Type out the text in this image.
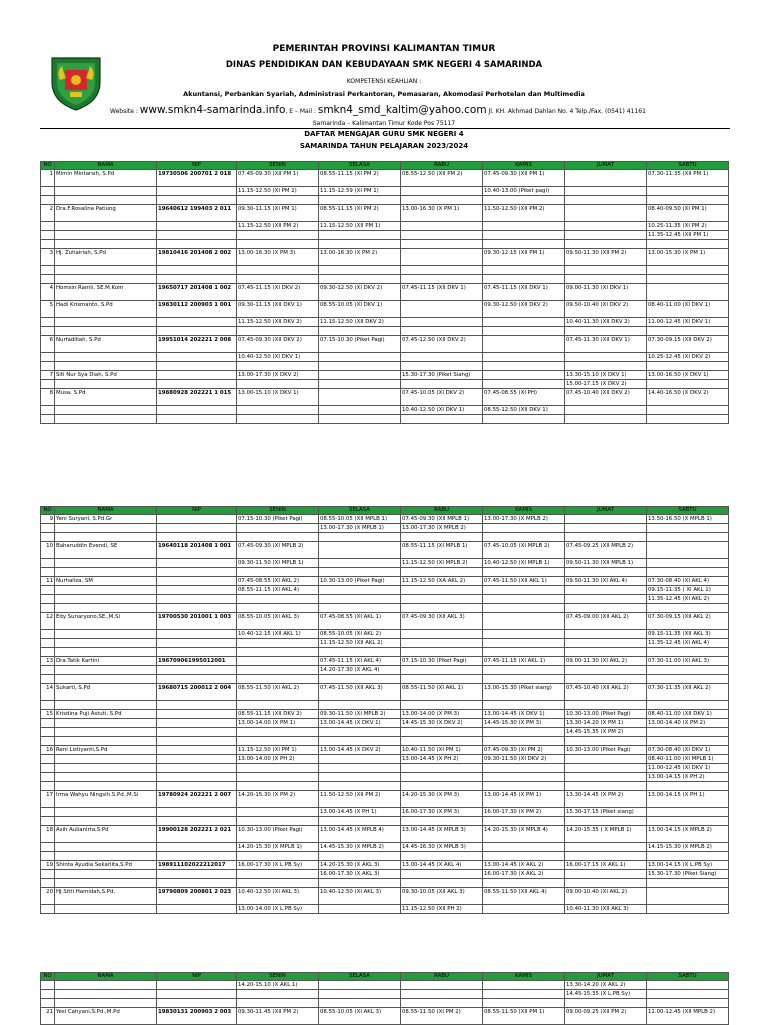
PEMERINTAH PROVINSI KALIMANTAN TIMUR
DINAS PENDIDIKAN DAN KEBUDAYAAN SMK NEGERI 4 SAMARINDA
KOMPETENSI KEAHLIAN :
Akuntansi, Perbankan Syariah, Administrasi Perkantoran, Pemasaran, Akomodasi Perhotelan dan Multimedia
Website : www.smkn4-samarinda.info, E – Mail : smkn4_smd_kaltim@yahoo.com Jl. KH. Akhmad Dahlan No. 4 Telp./Fax. (0541) 41161
Samarinda – Kalimantan Timur Kode Pos 75117
DAFTAR MENGAJAR GURU SMK NEGERI 4
SAMARINDA TAHUN PELAJARAN 2023/2024
NO	NAMA	NIP	SENIN	SELASA	RABU	KAMIS	JUMAT	SABTU
1	Mimin Mintarsih, S.Pd	19730506 200701 2 018	07.45-09.30 (XII PM 1)	08.55-11.15 (XI PM 2)	08.55-12.50 (XII PM 2)	07.45-09.30 (XII PM 1)		07.30-11.35 (XII PM 1)
			11.15-12.50 (XI PM 2)	11.15-12.59 (XI PM 1)		10.40-13.00 (Piket pagi)		

2	Dra.F.Rosalina Patiung	19640612 199403 2 011	09.30-11.15 (XI PM 1)	08.55-11.15 (XI PM 2)	13.00-16.30 (X PM 1)	11.50-12.50 (XII PM 2)		08.40-09.50 (XI PM 1)
			11.15-12.50 (XII PM 2)	11.15-12.50 (XII PM 1)				10.25-11.35 (XI PM 2)
								11.35-12.45 (XII PM 1)

3	Hj. Zuhairiah, S.Pd	19810416 201408 2 002	13.00-16.30 (X PM 3)	13.00-16.30 (X PM 2)		09.30-12.15 (XII PM 1)	09.50-11.30 (XII PM 2)	13.00-15.30 (X PM 1)

4	Homsin Ramli, SE.M.Kom	19650717 201408 1 002	07.45-11.15 (XI DKV 2)	09.30-12.50 (XI DKV 2)	07.45-11.15 (XII DKV 1)	07.45-11.15 (XII DKV 1)	09.00-11.30 (XI DKV 1)	
5	Hadi Krismanto, S.Pd	19830112 200903 1 001	09.30-11.15 (XII DKV 1)	08.55-10.05 (XI DKV 1)		09.30-12.50 (XII DKV 2)	09.50-10.40 (XI DKV 2)	08.40-11.00 (XI DKV 1)
			11.15-12.50 (XII DKV 2)	11.15-12.50 (XII DKV 2)			10.40-11.30 (XII DKV 2)	11.00-12.45 (XI DKV 1)

6	Nurfadillah, S.Pd	19951014 202221 2 008	07.45-09.30 (XII DKV 2)	07.15-10.30 (Piket Pagi)	07.45-12.50 (XII DKV 2)		07.45-11.30 (XII DKV 1)	07.30-09.15 (XII DKV 2)
			10.40-12.50 (XI DKV 1)					10.25-12.45 (XI DKV 2)

7	Siti Nur Sya Diah, S.Pd		13.00-17.30 (X DKV 2)		15.30-17.30 (Piket Siang)		13.30-15.10 (X DKV 1)	13.00-16.50 (X DKV 1)
							15.00-17.15 (X DKV 2)	
8	Musa, S.Pd	19880928 202221 1 015	13.00-15.10 (X DKV 1)		07.45-10.05 (XI DKV 2)	07.45-08.55 (XI PH)	07.45-10.40 (XII DKV 2)	14.40-16.50 (X DKV 2)
					10.40-12.50 (XI DKV 1)	08.55-12.50 (XII DKV 1)		

NO	NAMA	NIP	SENIN	SELASA	RABU	KAMIS	JUMAT	SABTU
9	Yeni Suryani, S.Pd.Gr		07.15-10.30 (Piket Pagi)	08.55-10.05 (XII MPLB 1)	07.45-09.30 (XII MPLB 1)	13.00-17.30 (X MPLB 2)		13.50-16.50 (X MPLB 1)
				13.00-17.30 (X MPLB 1)	13.00-17.30 (X MPLB 2)			

10	Baharuddin Evendi, SE	19640118 201408 1 001	07.45-09.30 (XI MPLB 2)		08.55-11.15 (XI MPLB 1)	07.45-10.05 (XI MPLB 2)	07.45-09.25 (XII MPLB 2)	
			09.30-11.50 (XI MPLB 1)		11.15-12.50 (XI MPLB 2)	10.40-12.50 (XI MPLB 1)	09.50-11.30 (XII MPLB 1)	

11	Nurhaliza, SM		07.45-08.55 (XI AKL 2)	10.30-13.00 (Piket Pagi)	11.15-12.50 (XA AKL 2)	07.45-11.50 (XII AKL 1)	09.50-11.30 (XI AKL 4)	07.30-08.40 (XI AKL 4)
			08.55-11.15 (XI AKL 4)					09.15-11.35 ( XI AKL 1)
								11.35-12.45 (XI AKL 2)

12	Edy Sunaryono,SE.,M.Si	19700530 201001 1 003	08.55-10.05 (XI AKL 3)	07.45-08.55 (XI AKL 1)	07.45-09.30 (XII AKL 3)		07.45-09.00 (XII AKL 2)	07.30-09.15 (XII AKL 2)
			10.40-12.15 (XII AKL 1)	08.55-10.05 (XI AKL 2)				09.15-11.35 (XII AKL 3)
				11.15-12.50 (XII AKL 2)				11.35-12.45 (XI AKL 4)

13	Dra.Tatik Kartini	196709061995012001		07.45-11.15 (XI AKL 4)	07.15-10.30 (Piket Pagi)	07.45-11.15 (XI AKL 1)	09.00-11.30 (XI AKL 2)	07.30-11.00 (XI AKL 3)
				14.20-17.30 (X AKL 4)				

14	Sukarti, S.Pd	19680715 200012 2 004	08.55-11.50 (XI AKL 2)	07.45-11.50 (XII AKL 3)	08.55-11.50 (XI AKL 1)	13.00-15.30 (Piket siang)	07.45-10.40 (XII AKL 2)	07.30-11.35 (XII AKL 2)

15	Krisdina Puji Astuti, S.Pd		08.55-11.15 (XII DKV 2)	09.30-11.50 (XI MPLB 2)	13.00-14.00 (X PM 3)	13.00-14.45 (X DKV 1)	10.30-13.00 (Piket Pagi)	08.40-11.00 (XII DKV 1)
			13.00-14.00 (X PM 1)	13.00-14.45 (X DKV 1)	14.45-15.30 (X DKV 2)	14.45-15.30 (X PM 3)	13.30-14.20 (X PM 1)	13.00-14.40 (X PM 2)
							14.45-15.35 (X PM 2)	

16	Reni Listiyanti,S.Pd		11.15-12.50 (XI PM 1)	13.00-14.45 (X DKV 2)	10.40-11.50 (XI PM 1)	07.45-09.30 (XI PM 2)	10.30-13.00 (Piket Pagi)	07.30-08.40 (XI DKV 1)
			13.00-14.00 (X PH 2)		13.00-14.45 (X PH 2)	09.30-11.50 (XI DKV 2)		08.40-11.00 (XI MPLB 1)
								11.00-12.45 (XI DKV 1)
								13.00-14.15 (X PH 2)

17	Irma Wahyu Ningsih.S.Pd.,M.Si	19780924 202221 2 007	14.20-15.30 (X PM 2)	11.50-12.50 (XII PM 2)	14.20-15.30 (X PM 3)	13.00-14.45 (X PM 1)	13.30-14.45 (X PM 2)	13.00-14.15 (X PH 1)
				13.00-14.45 (X PH 1)	16.00-17.30 (X PM 3)	16.00-17.30 (X PM 2)	15.30-17.15 (Piket siang)	

18	Asih Aulianirta,S.Pd	19900128 202221 2 021	10.30-13.00 (Piket Pagi)	13.00-14.45 (X MPLB 4)	13.00-14.45 (X MPLB 3)	14.20-15.30 (X MPLB 4)	14.20-15.35 ( X MPLB 1)	13.00-14.15 (X MPLB 2)
			14.20-15.30 (X MPLB 1)	14.45-15.30 (X MPLB 2)	14.45-16.30 (X MPLB 3)			14.15-15.30 (X MPLB 2)

19	Shinta Ayudia Sekarlita,S.Pd	198911102022212017	16.00-17.30 (X L.PB Sy)	14.20-15.30 (X AKL 3)	13.00-14.45 (X AKL 4)	13.00-14.45 (X AKL 2)	16.00-17.15 (X AKL 1)	13.00-14.15 (X L.PB Sy)
				16.00-17.30 (X AKL 3)		16.00-17.30 (X AKL 2)		15.30-17.30 (Piket Siang)

20	HJ.Sitti Hamidah,S.Pd.	19790809 200801 2 023	10.40-12.50 (XI AKL 3)	10.40-12.50 (XI AKL 3)	09.30-10.05 (XII AKL 3)	08.55-11.50 (XII AKL 4)	09.00-10.40 (XI AKL 2)	
			13.00-14.00 (X L.PB Sy)		11.15-12.50 (XII PH 2)		10.40-11.30 (XII AKL 3)	
NO	NAMA	NIP	SENIN	SELASA	RABU	KAMIS	JUMAT	SABTU
			14.20-15.10 (X AKL 1)				13.30-14.20 (X AKL 2)	
							14.45-15.35 (X L.PB Sy)	

21	Yesi Cahyani,S.Pd.,M.Pd	19830131 200903 2 003	09.30-11.45 (XII PM 2)	08.55-10.05 (XI AKL 3)	08.55-11.50 (XI PM 2)	08.55-11.50 (XII PM 1)	09.00-09.25 (XII PM 2)	11.00-12.45 (XII MPLB 2)
